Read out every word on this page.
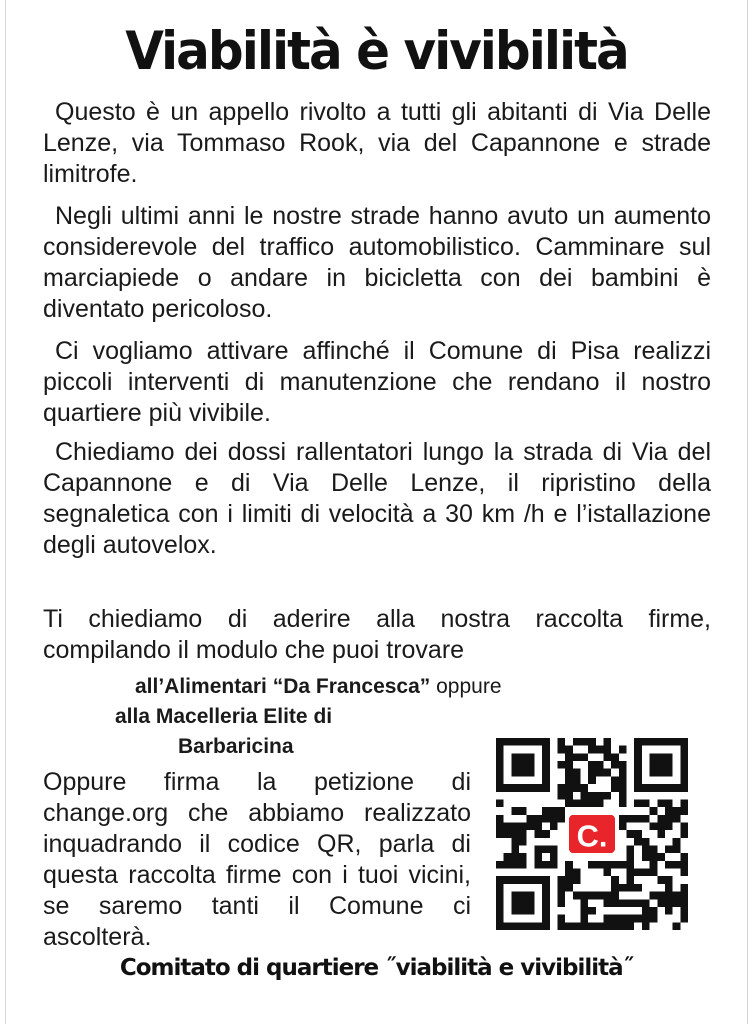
Viabilità è vivibilità

Questo è un appello rivolto a tutti gli abitanti di Via Delle Lenze, via Tommaso Rook, via del Capannone e strade limitrofe.

Negli ultimi anni le nostre strade hanno avuto un aumento considerevole del traffico automobilistico. Camminare sul marciapiede o andare in bicicletta con dei bambini è diventato pericoloso.

Ci vogliamo attivare affinché il Comune di Pisa realizzi piccoli interventi di manutenzione che rendano il nostro quartiere più vivibile.

Chiediamo dei dossi rallentatori lungo la strada di Via del Capannone e di Via Delle Lenze, il ripristino della segnaletica con i limiti di velocità a 30 km /h e l’istallazione degli autovelox.

Ti chiediamo di aderire alla nostra raccolta firme, compilando il modulo che puoi trovare

all’Alimentari “Da Francesca” oppure
alla Macelleria Elite di
Barbaricina

Oppure firma la petizione di change.org che abbiamo realizzato inquadrando il codice QR, parla di questa raccolta firme con i tuoi vicini, se saremo tanti il Comune ci ascolterà.

C.
Comitato di quartiere ˝viabilità e vivibilità˝
